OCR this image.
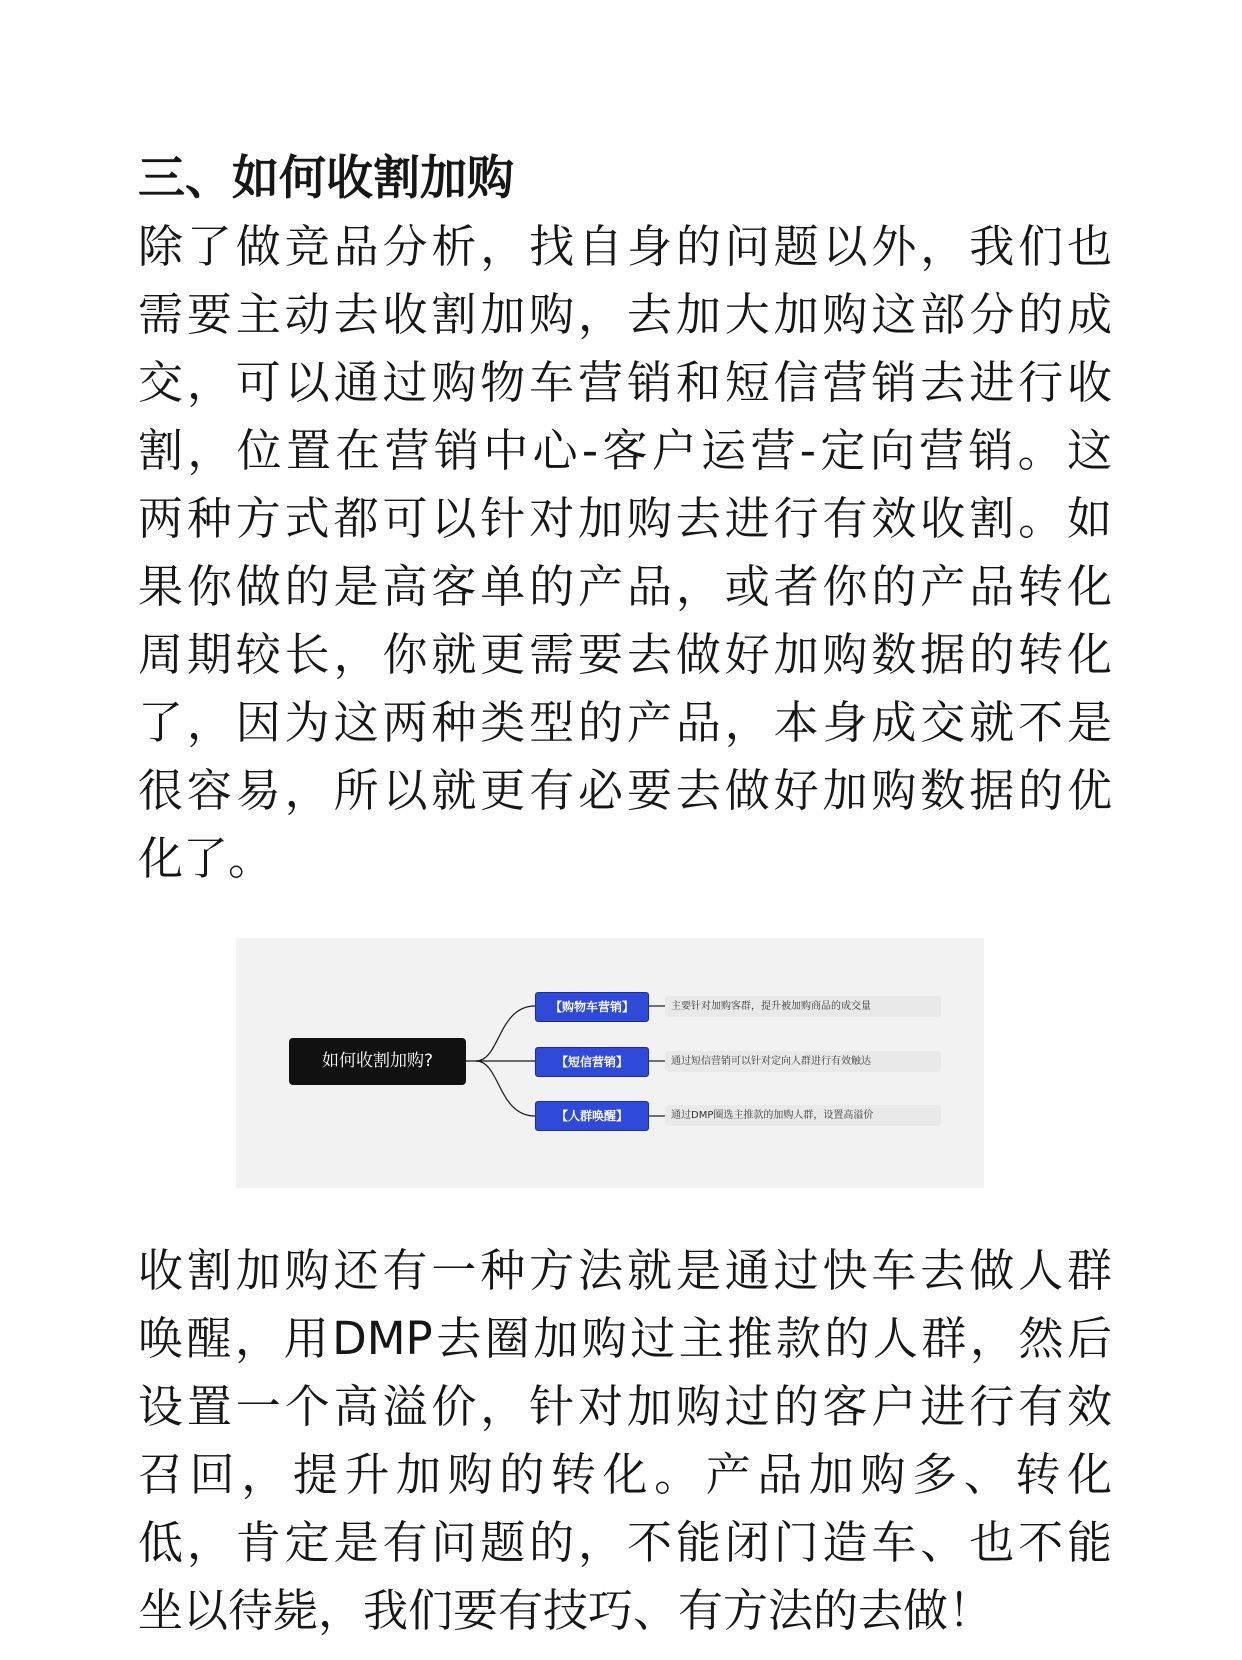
三、如何收割加购
除了做竞品分析，找自身的问题以外，我们也
需要主动去收割加购，去加大加购这部分的成
交，可以通过购物车营销和短信营销去进行收
割，位置在营销中心-客户运营-定向营销。这
两种方式都可以针对加购去进行有效收割。如
果你做的是高客单的产品，或者你的产品转化
周期较长，你就更需要去做好加购数据的转化
了，因为这两种类型的产品，本身成交就不是
很容易，所以就更有必要去做好加购数据的优
化了。
如何收割加购?
【购物车营销】
【短信营销】
【人群唤醒】
主要针对加购客群，提升被加购商品的成交量
通过短信营销可以针对定向人群进行有效触达
通过DMP圈选主推款的加购人群，设置高溢价
收割加购还有一种方法就是通过快车去做人群
唤醒，用DMP去圈加购过主推款的人群，然后
设置一个高溢价，针对加购过的客户进行有效
召回，提升加购的转化。产品加购多、转化
低，肯定是有问题的，不能闭门造车、也不能
坐以待毙，我们要有技巧、有方法的去做！
